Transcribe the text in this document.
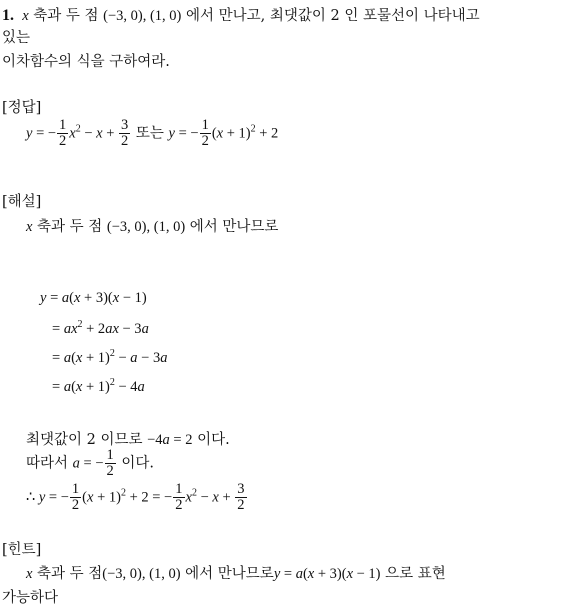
1.  x 축과 두 점 (−3, 0), (1, 0) 에서 만나고, 최댓값이 2 인 포물선이 나타내고
있는
이차함수의 식을 구하여라.
[정답]
y = − $\frac{1}{2} x^2 - x + \frac{3}{2}$ 또는 y = − $\frac{1}{2} (x + 1)^2 + 2$
[해설]
x 축과 두 점 (−3, 0), (1, 0) 에서 만나므로
y = a(x + 3)(x − 1)
= $ax^2 + 2ax - 3a$
= $a(x + 1)^2 - a - 3a$
= $a(x + 1)^2 - 4a$
최댓값이 2 이므로 −4a = 2 이다.
따라서 a = − $\frac{1}{2}$ 이다.
∴ y = − $\frac{1}{2} (x + 1)^2 + 2$ = − $\frac{1}{2} x^2 - x + \frac{3}{2}$
[힌트]
x 축과 두 점(−3, 0), (1, 0) 에서 만나므로y = a(x + 3)(x − 1) 으로 표현
가능하다
